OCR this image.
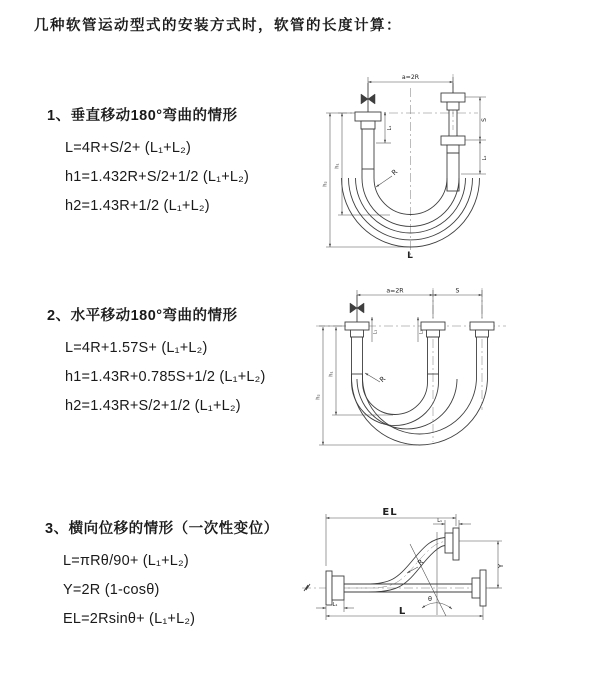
几种软管运动型式的安装方式时，软管的长度计算：
1、垂直移动180°弯曲的情形
L=4R+S/2+ (L₁+L₂)
h1=1.432R+S/2+1/2 (L₁+L₂)
h2=1.43R+1/2 (L₁+L₂)
2、水平移动180°弯曲的情形
L=4R+1.57S+ (L₁+L₂)
h1=1.43R+0.785S+1/2 (L₁+L₂)
h2=1.43R+S/2+1/2 (L₁+L₂)
3、横向位移的情形（一次性变位）
L=πRθ/90+ (L₁+L₂)
Y=2R (1-cosθ)
EL=2Rsinθ+ (L₁+L₂)
a=2R
S
L₂
L₁
h₁
h₂
R
L
a=2R	S
L₁	L₂
h₁
h₂
R
θ
EL
L₁
Y
L
L₁
R
